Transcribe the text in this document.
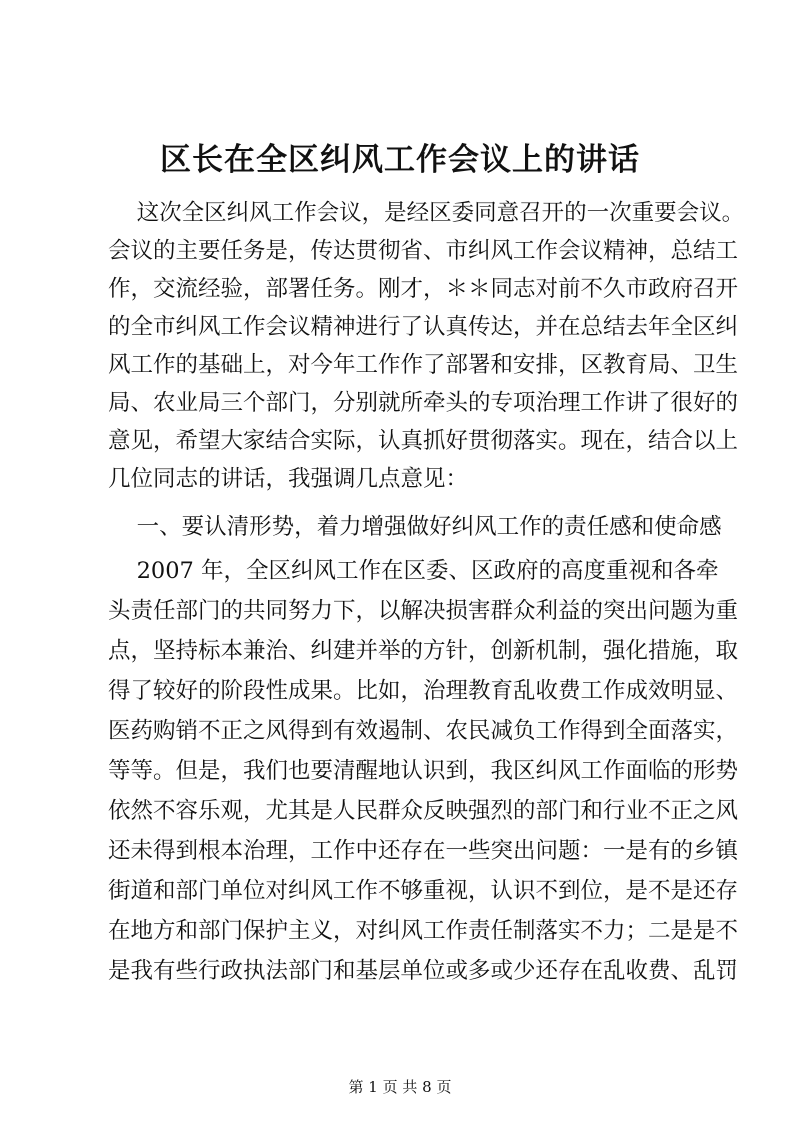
区长在全区纠风工作会议上的讲话
这次全区纠风工作会议，是经区委同意召开的一次重要会议。
会议的主要任务是，传达贯彻省、市纠风工作会议精神，总结工
作，交流经验，部署任务。刚才，＊＊同志对前不久市政府召开
的全市纠风工作会议精神进行了认真传达，并在总结去年全区纠
风工作的基础上，对今年工作作了部署和安排，区教育局、卫生
局、农业局三个部门，分别就所牵头的专项治理工作讲了很好的
意见，希望大家结合实际，认真抓好贯彻落实。现在，结合以上
几位同志的讲话，我强调几点意见：
一、要认清形势，着力增强做好纠风工作的责任感和使命感
2007 年，全区纠风工作在区委、区政府的高度重视和各牵
头责任部门的共同努力下，以解决损害群众利益的突出问题为重
点，坚持标本兼治、纠建并举的方针，创新机制，强化措施，取
得了较好的阶段性成果。比如，治理教育乱收费工作成效明显、
医药购销不正之风得到有效遏制、农民减负工作得到全面落实，
等等。但是，我们也要清醒地认识到，我区纠风工作面临的形势
依然不容乐观，尤其是人民群众反映强烈的部门和行业不正之风
还未得到根本治理，工作中还存在一些突出问题：一是有的乡镇
街道和部门单位对纠风工作不够重视，认识不到位，是不是还存
在地方和部门保护主义，对纠风工作责任制落实不力；二是是不
是我有些行政执法部门和基层单位或多或少还存在乱收费、乱罚
第 1 页 共 8 页
